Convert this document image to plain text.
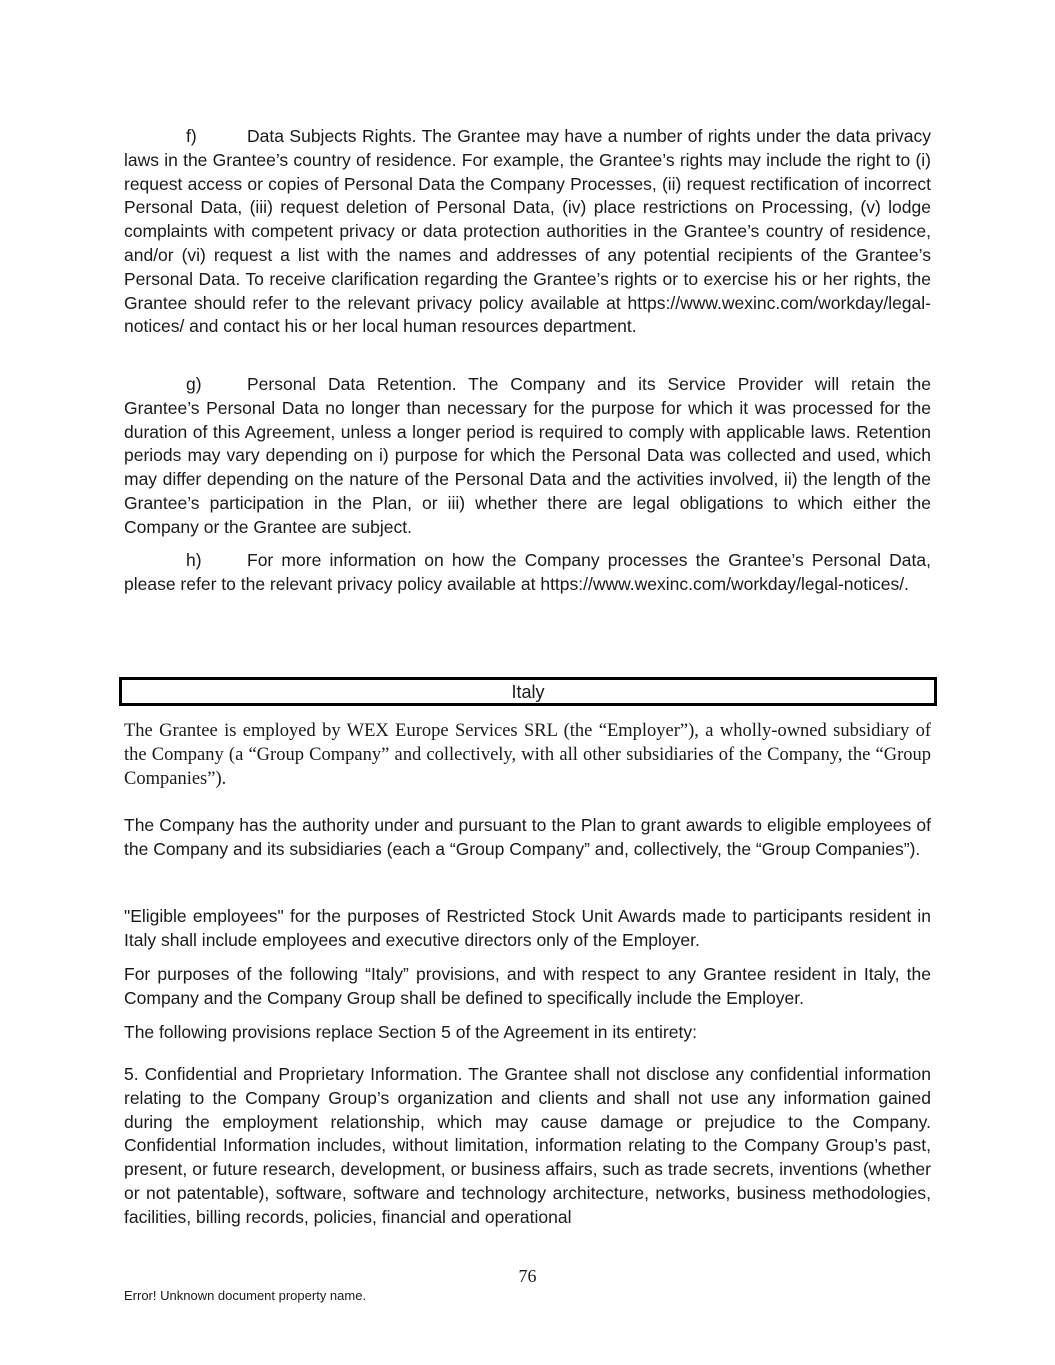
f)	Data Subjects Rights. The Grantee may have a number of rights under the data privacy laws in the Grantee’s country of residence. For example, the Grantee’s rights may include the right to (i) request access or copies of Personal Data the Company Processes, (ii) request rectification of incorrect Personal Data, (iii) request deletion of Personal Data, (iv) place restrictions on Processing, (v) lodge complaints with competent privacy or data protection authorities in the Grantee’s country of residence, and/or (vi) request a list with the names and addresses of any potential recipients of the Grantee’s Personal Data. To receive clarification regarding the Grantee’s rights or to exercise his or her rights, the Grantee should refer to the relevant privacy policy available at https://www.wexinc.com/workday/legal-notices/ and contact his or her local human resources department.

g)	Personal Data Retention. The Company and its Service Provider will retain the Grantee’s Personal Data no longer than necessary for the purpose for which it was processed for the duration of this Agreement, unless a longer period is required to comply with applicable laws. Retention periods may vary depending on i) purpose for which the Personal Data was collected and used, which may differ depending on the nature of the Personal Data and the activities involved, ii) the length of the Grantee’s participation in the Plan, or iii) whether there are legal obligations to which either the Company or the Grantee are subject.

h)	For more information on how the Company processes the Grantee’s Personal Data, please refer to the relevant privacy policy available at https://www.wexinc.com/workday/legal-notices/.

Italy

The Grantee is employed by WEX Europe Services SRL (the “Employer”), a wholly-owned subsidiary of the Company (a “Group Company” and collectively, with all other subsidiaries of the Company, the “Group Companies”).

The Company has the authority under and pursuant to the Plan to grant awards to eligible employees of the Company and its subsidiaries (each a “Group Company” and, collectively, the “Group Companies”).

"Eligible employees" for the purposes of Restricted Stock Unit Awards made to participants resident in Italy shall include employees and executive directors only of the Employer.

For purposes of the following “Italy” provisions, and with respect to any Grantee resident in Italy, the Company and the Company Group shall be defined to specifically include the Employer.

The following provisions replace Section 5 of the Agreement in its entirety:

5. Confidential and Proprietary Information. The Grantee shall not disclose any confidential information relating to the Company Group’s organization and clients and shall not use any information gained during the employment relationship, which may cause damage or prejudice to the Company. Confidential Information includes, without limitation, information relating to the Company Group’s past, present, or future research, development, or business affairs, such as trade secrets, inventions (whether or not patentable), software, software and technology architecture, networks, business methodologies, facilities, billing records, policies, financial and operational

76
Error! Unknown document property name.
